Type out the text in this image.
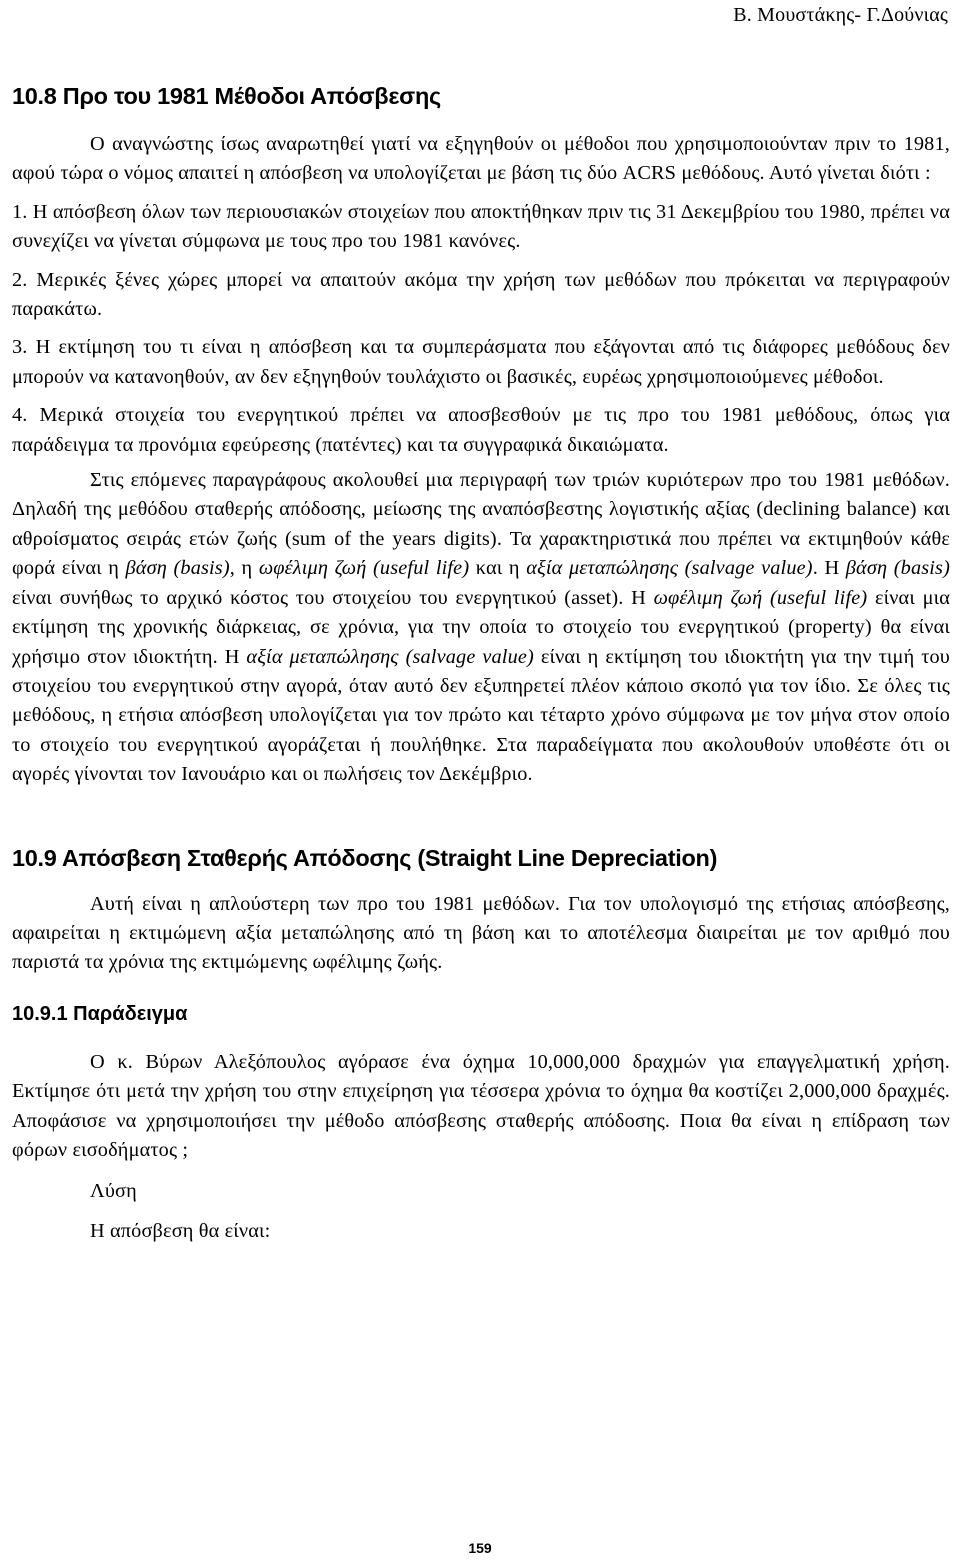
Β. Μουστάκης- Γ.Δούνιας
10.8 Προ του 1981 Μέθοδοι Απόσβεσης

Ο αναγνώστης ίσως αναρωτηθεί γιατί να εξηγηθούν οι μέθοδοι που χρησιμοποιούνταν πριν το 1981, αφού τώρα ο νόμος απαιτεί η απόσβεση να υπολογίζεται με βάση τις δύο ACRS μεθόδους. Αυτό γίνεται διότι :

1. Η απόσβεση όλων των περιουσιακών στοιχείων που αποκτήθηκαν πριν τις 31 Δεκεμβρίου του 1980, πρέπει να συνεχίζει να γίνεται σύμφωνα με τους προ του 1981 κανόνες.

2. Μερικές ξένες χώρες μπορεί να απαιτούν ακόμα την χρήση των μεθόδων που πρόκειται να περιγραφούν παρακάτω.

3. Η εκτίμηση του τι είναι η απόσβεση και τα συμπεράσματα που εξάγονται από τις διάφορες μεθόδους δεν μπορούν να κατανοηθούν, αν δεν εξηγηθούν τουλάχιστο οι βασικές, ευρέως χρησιμοποιούμενες μέθοδοι.

4. Μερικά στοιχεία του ενεργητικού πρέπει να αποσβεσθούν με τις προ του 1981 μεθόδους, όπως για παράδειγμα τα προνόμια εφεύρεσης (πατέντες) και τα συγγραφικά δικαιώματα.

Στις επόμενες παραγράφους ακολουθεί μια περιγραφή των τριών κυριότερων προ του 1981 μεθόδων. Δηλαδή της μεθόδου σταθερής απόδοσης, μείωσης της αναπόσβεστης λογιστικής αξίας (declining balance) και αθροίσματος σειράς ετών ζωής (sum of the years digits). Τα χαρακτηριστικά που πρέπει να εκτιμηθούν κάθε φορά είναι η βάση (basis), η ωφέλιμη ζωή (useful life) και η αξία μεταπώλησης (salvage value). Η βάση (basis) είναι συνήθως το αρχικό κόστος του στοιχείου του ενεργητικού (asset). Η ωφέλιμη ζωή (useful life) είναι μια εκτίμηση της χρονικής διάρκειας, σε χρόνια, για την οποία το στοιχείο του ενεργητικού (property) θα είναι χρήσιμο στον ιδιοκτήτη. Η αξία μεταπώλησης (salvage value) είναι η εκτίμηση του ιδιοκτήτη για την τιμή του στοιχείου του ενεργητικού στην αγορά, όταν αυτό δεν εξυπηρετεί πλέον κάποιο σκοπό για τον ίδιο. Σε όλες τις μεθόδους, η ετήσια απόσβεση υπολογίζεται για τον πρώτο και τέταρτο χρόνο σύμφωνα με τον μήνα στον οποίο το στοιχείο του ενεργητικού αγοράζεται ή πουλήθηκε. Στα παραδείγματα που ακολουθούν υποθέστε ότι οι αγορές γίνονται τον Ιανουάριο και οι πωλήσεις τον Δεκέμβριο.

10.9 Απόσβεση Σταθερής Απόδοσης (Straight Line Depreciation)

Αυτή είναι η απλούστερη των προ του 1981 μεθόδων. Για τον υπολογισμό της ετήσιας απόσβεσης, αφαιρείται η εκτιμώμενη αξία μεταπώλησης από τη βάση και το αποτέλεσμα διαιρείται με τον αριθμό που παριστά τα χρόνια της εκτιμώμενης ωφέλιμης ζωής.

10.9.1 Παράδειγμα

Ο κ. Βύρων Αλεξόπουλος αγόρασε ένα όχημα 10,000,000 δραχμών για επαγγελματική χρήση. Εκτίμησε ότι μετά την χρήση του στην επιχείρηση για τέσσερα χρόνια το όχημα θα κοστίζει 2,000,000 δραχμές. Αποφάσισε να χρησιμοποιήσει την μέθοδο απόσβεσης σταθερής απόδοσης. Ποια θα είναι η επίδραση των φόρων εισοδήματος ;

Λύση

Η απόσβεση θα είναι:

159
